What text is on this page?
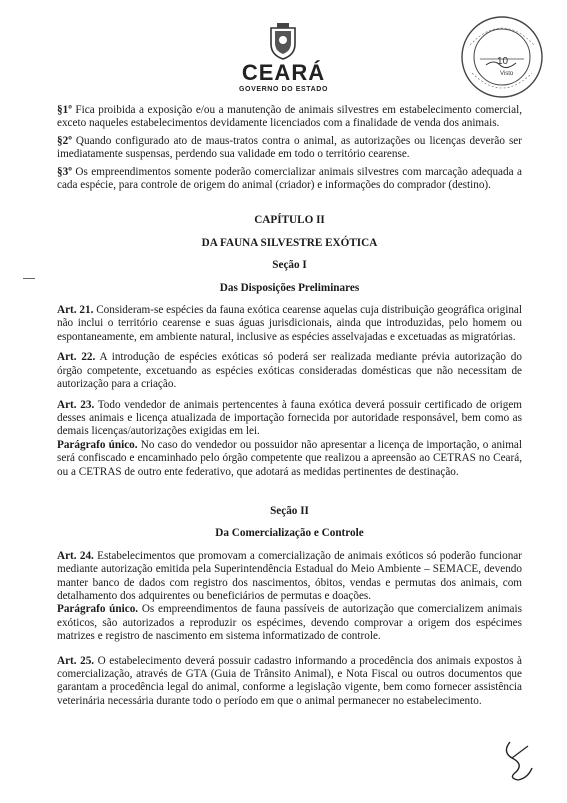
CEARÁ
GOVERNO DO ESTADO
10
Visto

§1º Fica proibida a exposição e/ou a manutenção de animais silvestres em estabelecimento comercial, exceto naqueles estabelecimentos devidamente licenciados com a finalidade de venda dos animais.

§2º Quando configurado ato de maus-tratos contra o animal, as autorizações ou licenças deverão ser imediatamente suspensas, perdendo sua validade em todo o território cearense.

§3º Os empreendimentos somente poderão comercializar animais silvestres com marcação adequada a cada espécie, para controle de origem do animal (criador) e informações do comprador (destino).

CAPÍTULO II
DA FAUNA SILVESTRE EXÓTICA
Seção I
Das Disposições Preliminares

Art. 21. Consideram-se espécies da fauna exótica cearense aquelas cuja distribuição geográfica original não inclui o território cearense e suas águas jurisdicionais, ainda que introduzidas, pelo homem ou espontaneamente, em ambiente natural, inclusive as espécies asselvajadas e excetuadas as migratórias.

Art. 22. A introdução de espécies exóticas só poderá ser realizada mediante prévia autorização do órgão competente, excetuando as espécies exóticas consideradas domésticas que não necessitam de autorização para a criação.

Art. 23. Todo vendedor de animais pertencentes à fauna exótica deverá possuir certificado de origem desses animais e licença atualizada de importação fornecida por autoridade responsável, bem como as demais licenças/autorizações exigidas em lei.

Parágrafo único. No caso do vendedor ou possuidor não apresentar a licença de importação, o animal será confiscado e encaminhado pelo órgão competente que realizou a apreensão ao CETRAS no Ceará, ou a CETRAS de outro ente federativo, que adotará as medidas pertinentes de destinação.

Seção II
Da Comercialização e Controle

Art. 24. Estabelecimentos que promovam a comercialização de animais exóticos só poderão funcionar mediante autorização emitida pela Superintendência Estadual do Meio Ambiente – SEMACE, devendo manter banco de dados com registro dos nascimentos, óbitos, vendas e permutas dos animais, com detalhamento dos adquirentes ou beneficiários de permutas e doações.

Parágrafo único. Os empreendimentos de fauna passíveis de autorização que comercializem animais exóticos, são autorizados a reproduzir os espécimes, devendo comprovar a origem dos espécimes matrizes e registro de nascimento em sistema informatizado de controle.

Art. 25. O estabelecimento deverá possuir cadastro informando a procedência dos animais expostos à comercialização, através de GTA (Guia de Trânsito Animal), e Nota Fiscal ou outros documentos que garantam a procedência legal do animal, conforme a legislação vigente, bem como fornecer assistência veterinária necessária durante todo o período em que o animal permanecer no estabelecimento.
